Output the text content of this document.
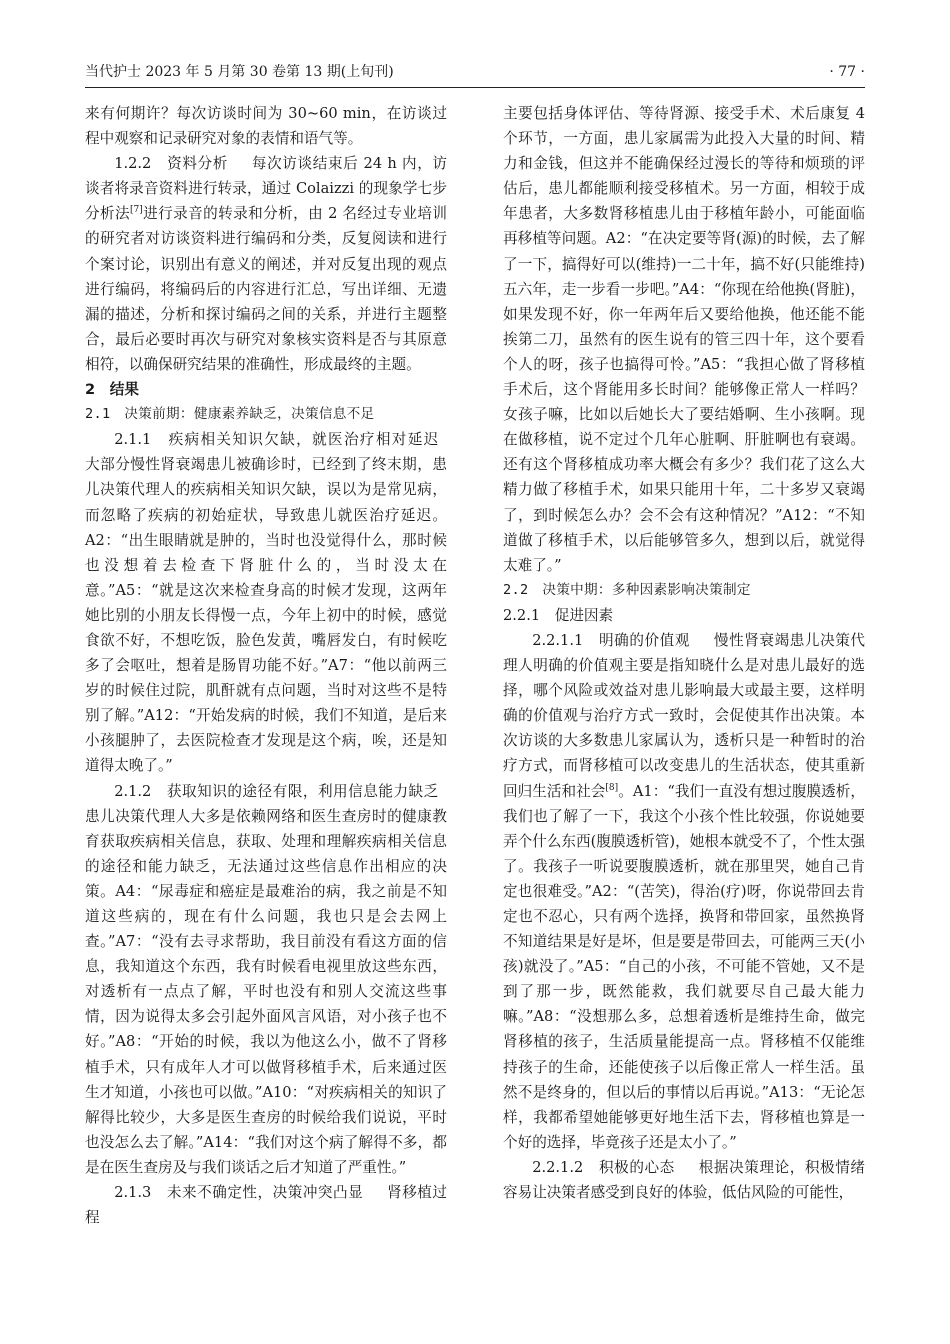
当代护士 2023 年 5 月第 30 卷第 13 期(上旬刊)	· 77 ·

来有何期许？每次访谈时间为 30~60 min，在访谈过程中观察和记录研究对象的表情和语气等。

1.2.2　资料分析　每次访谈结束后 24 h 内，访谈者将录音资料进行转录，通过 Colaizzi 的现象学七步分析法[7]进行录音的转录和分析，由 2 名经过专业培训的研究者对访谈资料进行编码和分类，反复阅读和进行个案讨论，识别出有意义的阐述，并对反复出现的观点进行编码，将编码后的内容进行汇总，写出详细、无遗漏的描述，分析和探讨编码之间的关系，并进行主题整合，最后必要时再次与研究对象核实资料是否与其原意相符，以确保研究结果的准确性，形成最终的主题。

2　结果

2.1　决策前期：健康素养缺乏，决策信息不足

2.1.1　疾病相关知识欠缺，就医治疗相对延迟　大部分慢性肾衰竭患儿被确诊时，已经到了终末期，患儿决策代理人的疾病相关知识欠缺，误以为是常见病，而忽略了疾病的初始症状，导致患儿就医治疗延迟。A2：“出生眼睛就是肿的，当时也没觉得什么，那时候也没想着去检查下肾脏什么的，当时没太在意。”A5：“就是这次来检查身高的时候才发现，这两年她比别的小朋友长得慢一点，今年上初中的时候，感觉食欲不好，不想吃饭，脸色发黄，嘴唇发白，有时候吃多了会呕吐，想着是肠胃功能不好。”A7：“他以前两三岁的时候住过院，肌酐就有点问题，当时对这些不是特别了解。”A12：“开始发病的时候，我们不知道，是后来小孩腿肿了，去医院检查才发现是这个病，唉，还是知道得太晚了。”

2.1.2　获取知识的途径有限，利用信息能力缺乏　患儿决策代理人大多是依赖网络和医生查房时的健康教育获取疾病相关信息，获取、处理和理解疾病相关信息的途径和能力缺乏，无法通过这些信息作出相应的决策。A4：“尿毒症和癌症是最难治的病，我之前是不知道这些病的，现在有什么问题，我也只是会去网上查。”A7：“没有去寻求帮助，我目前没有看这方面的信息，我知道这个东西，我有时候看电视里放这些东西，对透析有一点点了解，平时也没有和别人交流这些事情，因为说得太多会引起外面风言风语，对小孩子也不好。”A8：“开始的时候，我以为他这么小，做不了肾移植手术，只有成年人才可以做肾移植手术，后来通过医生才知道，小孩也可以做。”A10：“对疾病相关的知识了解得比较少，大多是医生查房的时候给我们说说，平时也没怎么去了解。”A14：“我们对这个病了解得不多，都是在医生查房及与我们谈话之后才知道了严重性。”

2.1.3　未来不确定性，决策冲突凸显　肾移植过程

主要包括身体评估、等待肾源、接受手术、术后康复 4 个环节，一方面，患儿家属需为此投入大量的时间、精力和金钱，但这并不能确保经过漫长的等待和烦琐的评估后，患儿都能顺利接受移植术。另一方面，相较于成年患者，大多数肾移植患儿由于移植年龄小，可能面临再移植等问题。A2：“在决定要等肾(源)的时候，去了解了一下，搞得好可以(维持)一二十年，搞不好(只能维持)五六年，走一步看一步吧。”A4：“你现在给他换(肾脏)，如果发现不好，你一年两年后又要给他换，他还能不能挨第二刀，虽然有的医生说有的管三四十年，这个要看个人的呀，孩子也搞得可怜。”A5：“我担心做了肾移植手术后，这个肾能用多长时间？能够像正常人一样吗？女孩子嘛，比如以后她长大了要结婚啊、生小孩啊。现在做移植，说不定过个几年心脏啊、肝脏啊也有衰竭。还有这个肾移植成功率大概会有多少？我们花了这么大精力做了移植手术，如果只能用十年，二十多岁又衰竭了，到时候怎么办？会不会有这种情况？”A12：“不知道做了移植手术，以后能够管多久，想到以后，就觉得太难了。”

2.2　决策中期：多种因素影响决策制定

2.2.1　促进因素

2.2.1.1　明确的价值观　慢性肾衰竭患儿决策代理人明确的价值观主要是指知晓什么是对患儿最好的选择，哪个风险或效益对患儿影响最大或最主要，这样明确的价值观与治疗方式一致时，会促使其作出决策。本次访谈的大多数患儿家属认为，透析只是一种暂时的治疗方式，而肾移植可以改变患儿的生活状态，使其重新回归生活和社会[8]。A1：“我们一直没有想过腹膜透析，我们也了解了一下，我这个小孩个性比较强，你说她要弄个什么东西(腹膜透析管)，她根本就受不了，个性太强了。我孩子一听说要腹膜透析，就在那里哭，她自己肯定也很难受。”A2：“(苦笑)，得治(疗)呀，你说带回去肯定也不忍心，只有两个选择，换肾和带回家，虽然换肾不知道结果是好是坏，但是要是带回去，可能两三天(小孩)就没了。”A5：“自己的小孩，不可能不管她，又不是到了那一步，既然能救，我们就要尽自己最大能力嘛。”A8：“没想那么多，总想着透析是维持生命，做完肾移植的孩子，生活质量能提高一点。肾移植不仅能维持孩子的生命，还能使孩子以后像正常人一样生活。虽然不是终身的，但以后的事情以后再说。”A13：“无论怎样，我都希望她能够更好地生活下去，肾移植也算是一个好的选择，毕竟孩子还是太小了。”

2.2.1.2　积极的心态　根据决策理论，积极情绪容易让决策者感受到良好的体验，低估风险的可能性，
